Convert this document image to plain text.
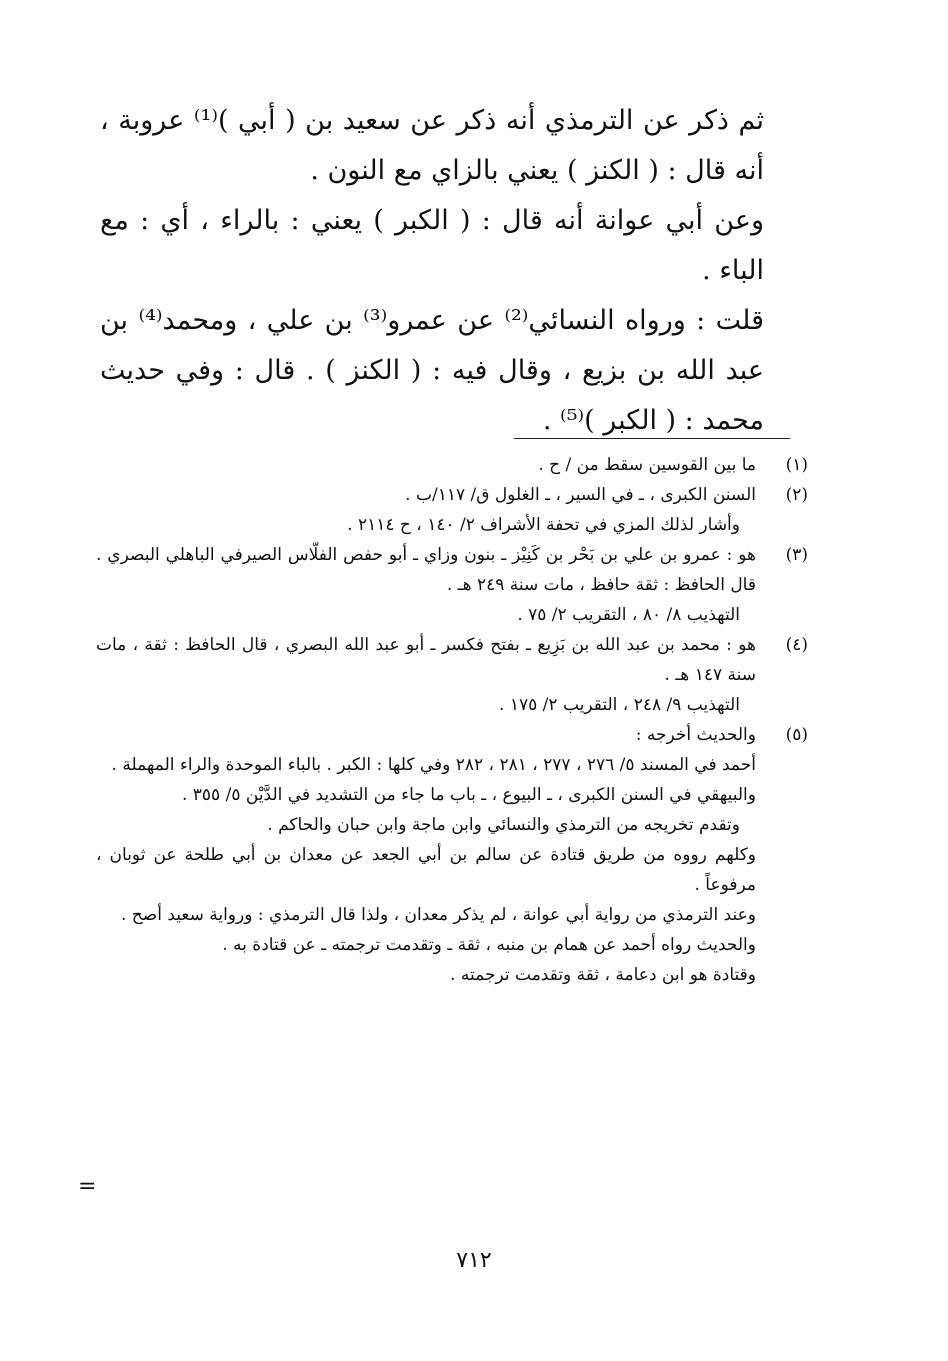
ثم ذكر عن الترمذي أنه ذكر عن سعيد بن ( أبي )⁽¹⁾ عروبة ، أنه قال : ( الكنز ) يعني بالزاي مع النون .

وعن أبي عوانة أنه قال : ( الكبر ) يعني : بالراء ، أي : مع الباء .

قلت : ورواه النسائي⁽²⁾ عن عمرو⁽³⁾ بن علي ، ومحمد⁽⁴⁾ بن عبد الله بن بزيع ، وقال فيه : ( الكنز ) . قال : وفي حديث محمد : ( الكبر )⁽⁵⁾ .

(١)

ما بين القوسين سقط من / ح .

(٢)

السنن الكبرى ، ـ في السير ، ـ الغلول ق/ ١١٧/ب .

وأشار لذلك المزي في تحفة الأشراف ٢/ ١٤٠ ، ح ٢١١٤ .

(٣)

هو : عمرو بن علي بن بَحْر بن كَنِيْز ـ بنون وزاي ـ أبو حفص الفلّاس الصيرفي الباهلي البصري . قال الحافظ : ثقة حافظ ، مات سنة ٢٤٩ هـ .

التهذيب ٨/ ٨٠ ، التقريب ٢/ ٧٥ .

(٤)

هو : محمد بن عبد الله بن بَزِيع ـ بفتح فكسر ـ أبو عبد الله البصري ، قال الحافظ : ثقة ، مات سنة ١٤٧ هـ .

التهذيب ٩/ ٢٤٨ ، التقريب ٢/ ١٧٥ .

(٥)

والحديث أخرجه :

أحمد في المسند ٥/ ٢٧٦ ، ٢٧٧ ، ٢٨١ ، ٢٨٢ وفي كلها : الكبر . بالباء الموحدة والراء المهملة .

والبيهقي في السنن الكبرى ، ـ البيوع ، ـ باب ما جاء من التشديد في الدَّيْن ٥/ ٣٥٥ .

وتقدم تخريجه من الترمذي والنسائي وابن ماجة وابن حبان والحاكم .

وكلهم رووه من طريق قتادة عن سالم بن أبي الجعد عن معدان بن أبي طلحة عن ثوبان ، مرفوعاً .

وعند الترمذي من رواية أبي عوانة ، لم يذكر معدان ، ولذا قال الترمذي : ورواية سعيد أصح .

والحديث رواه أحمد عن همام بن منبه ، ثقة ـ وتقدمت ترجمته ـ عن قتادة به .

وقتادة هو ابن دعامة ، ثقة وتقدمت ترجمته .

=
٧١٢
